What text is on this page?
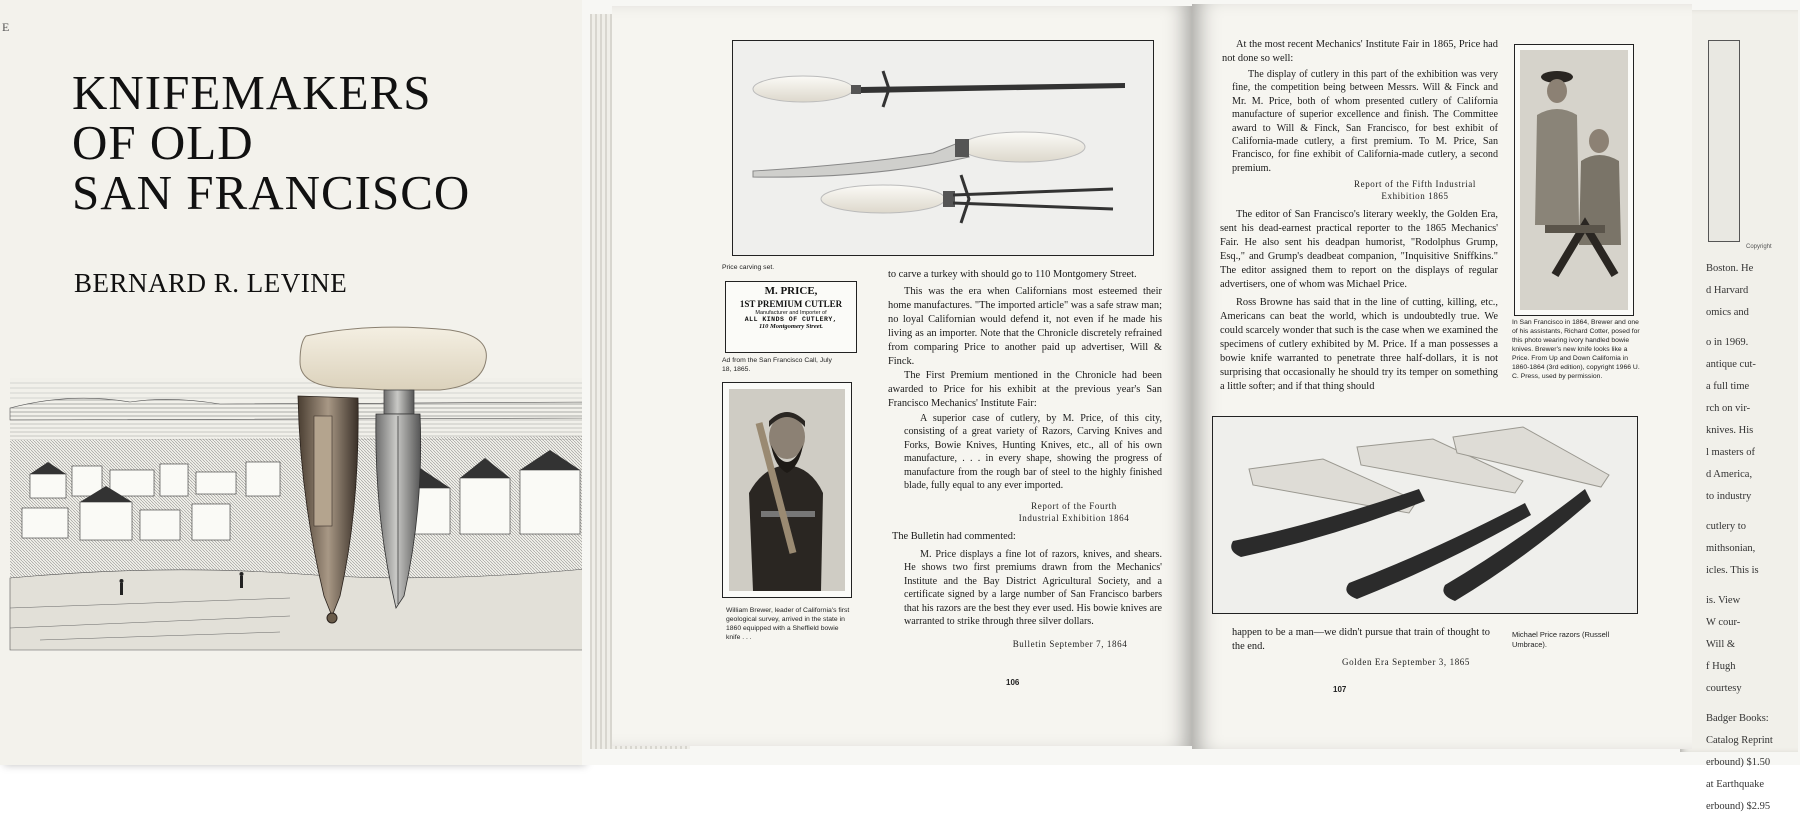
E
KNIFEMAKERS
OF OLD
SAN FRANCISCO
BERNARD R. LEVINE
Copyright

Boston. He

d Harvard

omics and

o in 1969.

antique cut-

a full time

rch on vir-

knives. His

l masters of

d America,

to industry

cutlery to

mithsonian,

icles. This is

is. View

W cour-

Will &

f Hugh

courtesy

Badger Books:

Catalog Reprint

erbound) $1.50

at Earthquake

erbound) $2.95

Price carving set.
M. PRICE,
1ST PREMIUM CUTLER
Manufacturer and Importer of
ALL KINDS OF CUTLERY,
110 Montgomery Street.
Ad from the San Francisco Call, July 18, 1865.
William Brewer, leader of California's first geological survey, arrived in the state in 1860 equipped with a Sheffield bowie knife . . .

to carve a turkey with should go to 110 Montgomery Street.

This was the era when Californians most esteemed their home manufactures. "The imported article" was a safe straw man; no loyal Californian would defend it, not even if he made his living as an importer. Note that the Chronicle discretely refrained from comparing Price to another paid up advertiser, Will & Finck.

The First Premium mentioned in the Chronicle had been awarded to Price for his exhibit at the previous year's San Francisco Mechanics' Institute Fair:

A superior case of cutlery, by M. Price, of this city, consisting of a great variety of Razors, Carving Knives and Forks, Bowie Knives, Hunting Knives, etc., all of his own manufacture, . . . in every shape, showing the progress of manufacture from the rough bar of steel to the highly finished blade, fully equal to any ever imported.

Report of the Fourth
Industrial Exhibition 1864
The Bulletin had commented:

M. Price displays a fine lot of razors, knives, and shears. He shows two first premiums drawn from the Mechanics' Institute and the Bay District Agricultural Society, and a certificate signed by a large number of San Francisco barbers that his razors are the best they ever used. His bowie knives are warranted to strike through three silver dollars.

Bulletin September 7, 1864
106
At the most recent Mechanics' Institute Fair in 1865, Price had not done so well:

The display of cutlery in this part of the exhibition was very fine, the competition being between Messrs. Will & Finck and Mr. M. Price, both of whom presented cutlery of California manufacture of superior excellence and finish. The Committee award to Will & Finck, San Francisco, for best exhibit of California-made cutlery, a first premium. To M. Price, San Francisco, for fine exhibit of California-made cutlery, a second premium.

Report of the Fifth Industrial
Exhibition 1865

The editor of San Francisco's literary weekly, the Golden Era, sent his dead-earnest practical reporter to the 1865 Mechanics' Fair. He also sent his deadpan humorist, "Rodolphus Grump, Esq.," and Grump's deadbeat companion, "Inquisitive Sniffkins." The editor assigned them to report on the displays of regular advertisers, one of whom was Michael Price.

Ross Browne has said that in the line of cutting, killing, etc., Americans can beat the world, which is undoubtedly true. We could scarcely wonder that such is the case when we examined the specimens of cutlery exhibited by M. Price. If a man possesses a bowie knife warranted to penetrate three half-dollars, it is not surprising that occasionally he should try its temper on something a little softer; and if that thing should

In San Francisco in 1864, Brewer and one of his assistants, Richard Cotter, posed for this photo wearing ivory handled bowie knives. Brewer's new knife looks like a Price. From Up and Down California in 1860-1864 (3rd edition), copyright 1966 U. C. Press, used by permission.
happen to be a man—we didn't pursue that train of thought to the end.
Golden Era September 3, 1865
Michael Price razors (Russell Umbrace).
107
